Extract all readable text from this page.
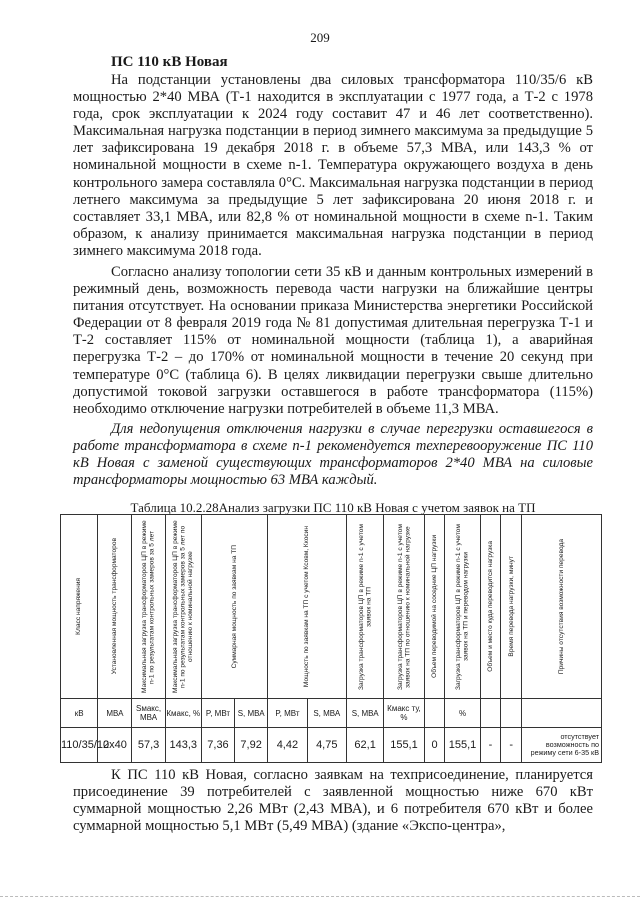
209
ПС 110 кВ Новая

На подстанции установлены два силовых трансформатора 110/35/6 кВ мощностью 2*40 МВА (Т-1 находится в эксплуатации с 1977 года, а Т-2 с 1978 года, срок эксплуатации к 2024 году составит 47 и 46 лет соответственно). Максимальная нагрузка подстанции в период зимнего максимума за предыдущие 5 лет зафиксирована 19 декабря 2018 г. в объеме 57,3 МВА, или 143,3 % от номинальной мощности в схеме n-1. Температура окружающего воздуха в день контрольного замера составляла 0°С. Максимальная нагрузка подстанции в период летнего максимума за предыдущие 5 лет зафиксирована 20 июня 2018 г. и составляет 33,1 МВА, или 82,8 % от номинальной мощности в схеме n-1. Таким образом, к анализу принимается максимальная нагрузка подстанции в период зимнего максимума 2018 года.

Согласно анализу топологии сети 35 кВ и данным контрольных измерений в режимный день, возможность перевода части нагрузки на ближайшие центры питания отсутствует. На основании приказа Министерства энергетики Российской Федерации от 8 февраля 2019 года № 81 допустимая длительная перегрузка Т-1 и Т-2 составляет 115% от номинальной мощности (таблица 1), а аварийная перегрузка Т-2 – до 170% от номинальной мощности в течение 20 секунд при температуре 0°С (таблица 6). В целях ликвидации перегрузки свыше длительно допустимой токовой загрузки оставшегося в работе трансформатора (115%) необходимо отключение нагрузки потребителей в объеме 11,3 МВА.

Для недопущения отключения нагрузки в случае перегрузки оставшегося в работе трансформатора в схеме n-1 рекомендуется техперевооружение ПС 110 кВ Новая с заменой существующих трансформаторов 2*40 МВА на силовые трансформаторы мощностью 63 МВА каждый.

Таблица 10.2.28Анализ загрузки ПС 110 кВ Новая с учетом заявок на ТП
Класс напряжения	Установленная мощность трансформаторов	Максимальная загрузка трансформаторов ЦП в режиме n-1 по результатам контрольных замеров за 5 лет	Максимальная загрузка трансформаторов ЦП в режиме n-1 по результатам контрольных замеров за 5 лет по отношению к номинальной нагрузке	Суммарная мощность по заявкам на ТП		Мощность по заявкам на ТП с учетом Ксовм, Ккосин		Загрузка трансформаторов ЦП в режиме n-1 с учетом заявок на ТП	Загрузка трансформаторов ЦП в режиме n-1 с учетом заявок на ТП по отношению к номинальной нагрузке	Объем переводимой на соседние ЦП нагрузки	Загрузка трансформаторов ЦП в режиме n-1 с учетом заявок на ТП и переводом нагрузки	Объем и место куда переводится нагрузка	Время перевода нагрузки, минут	Причины отсутствия возможности перевода

кВ	МВА	Sмакс, МВА	Кмакс, %	P, МВт	S, МВА	P, МВт	S, МВА	S, МВА	Кмакс ту, %		%			
110/35/10	2х40	57,3	143,3	7,36	7,92	4,42	4,75	62,1	155,1	0	155,1	-	-	отсутствует возможность по режиму сети 6-35 кВ

К ПС 110 кВ Новая, согласно заявкам на техприсоединение, планируется присоединение 39 потребителей с заявленной мощностью ниже 670 кВт суммарной мощностью 2,26 МВт (2,43 МВА), и 6 потребителя 670 кВт и более суммарной мощностью 5,1 МВт (5,49 МВА) (здание «Экспо-центра»,
